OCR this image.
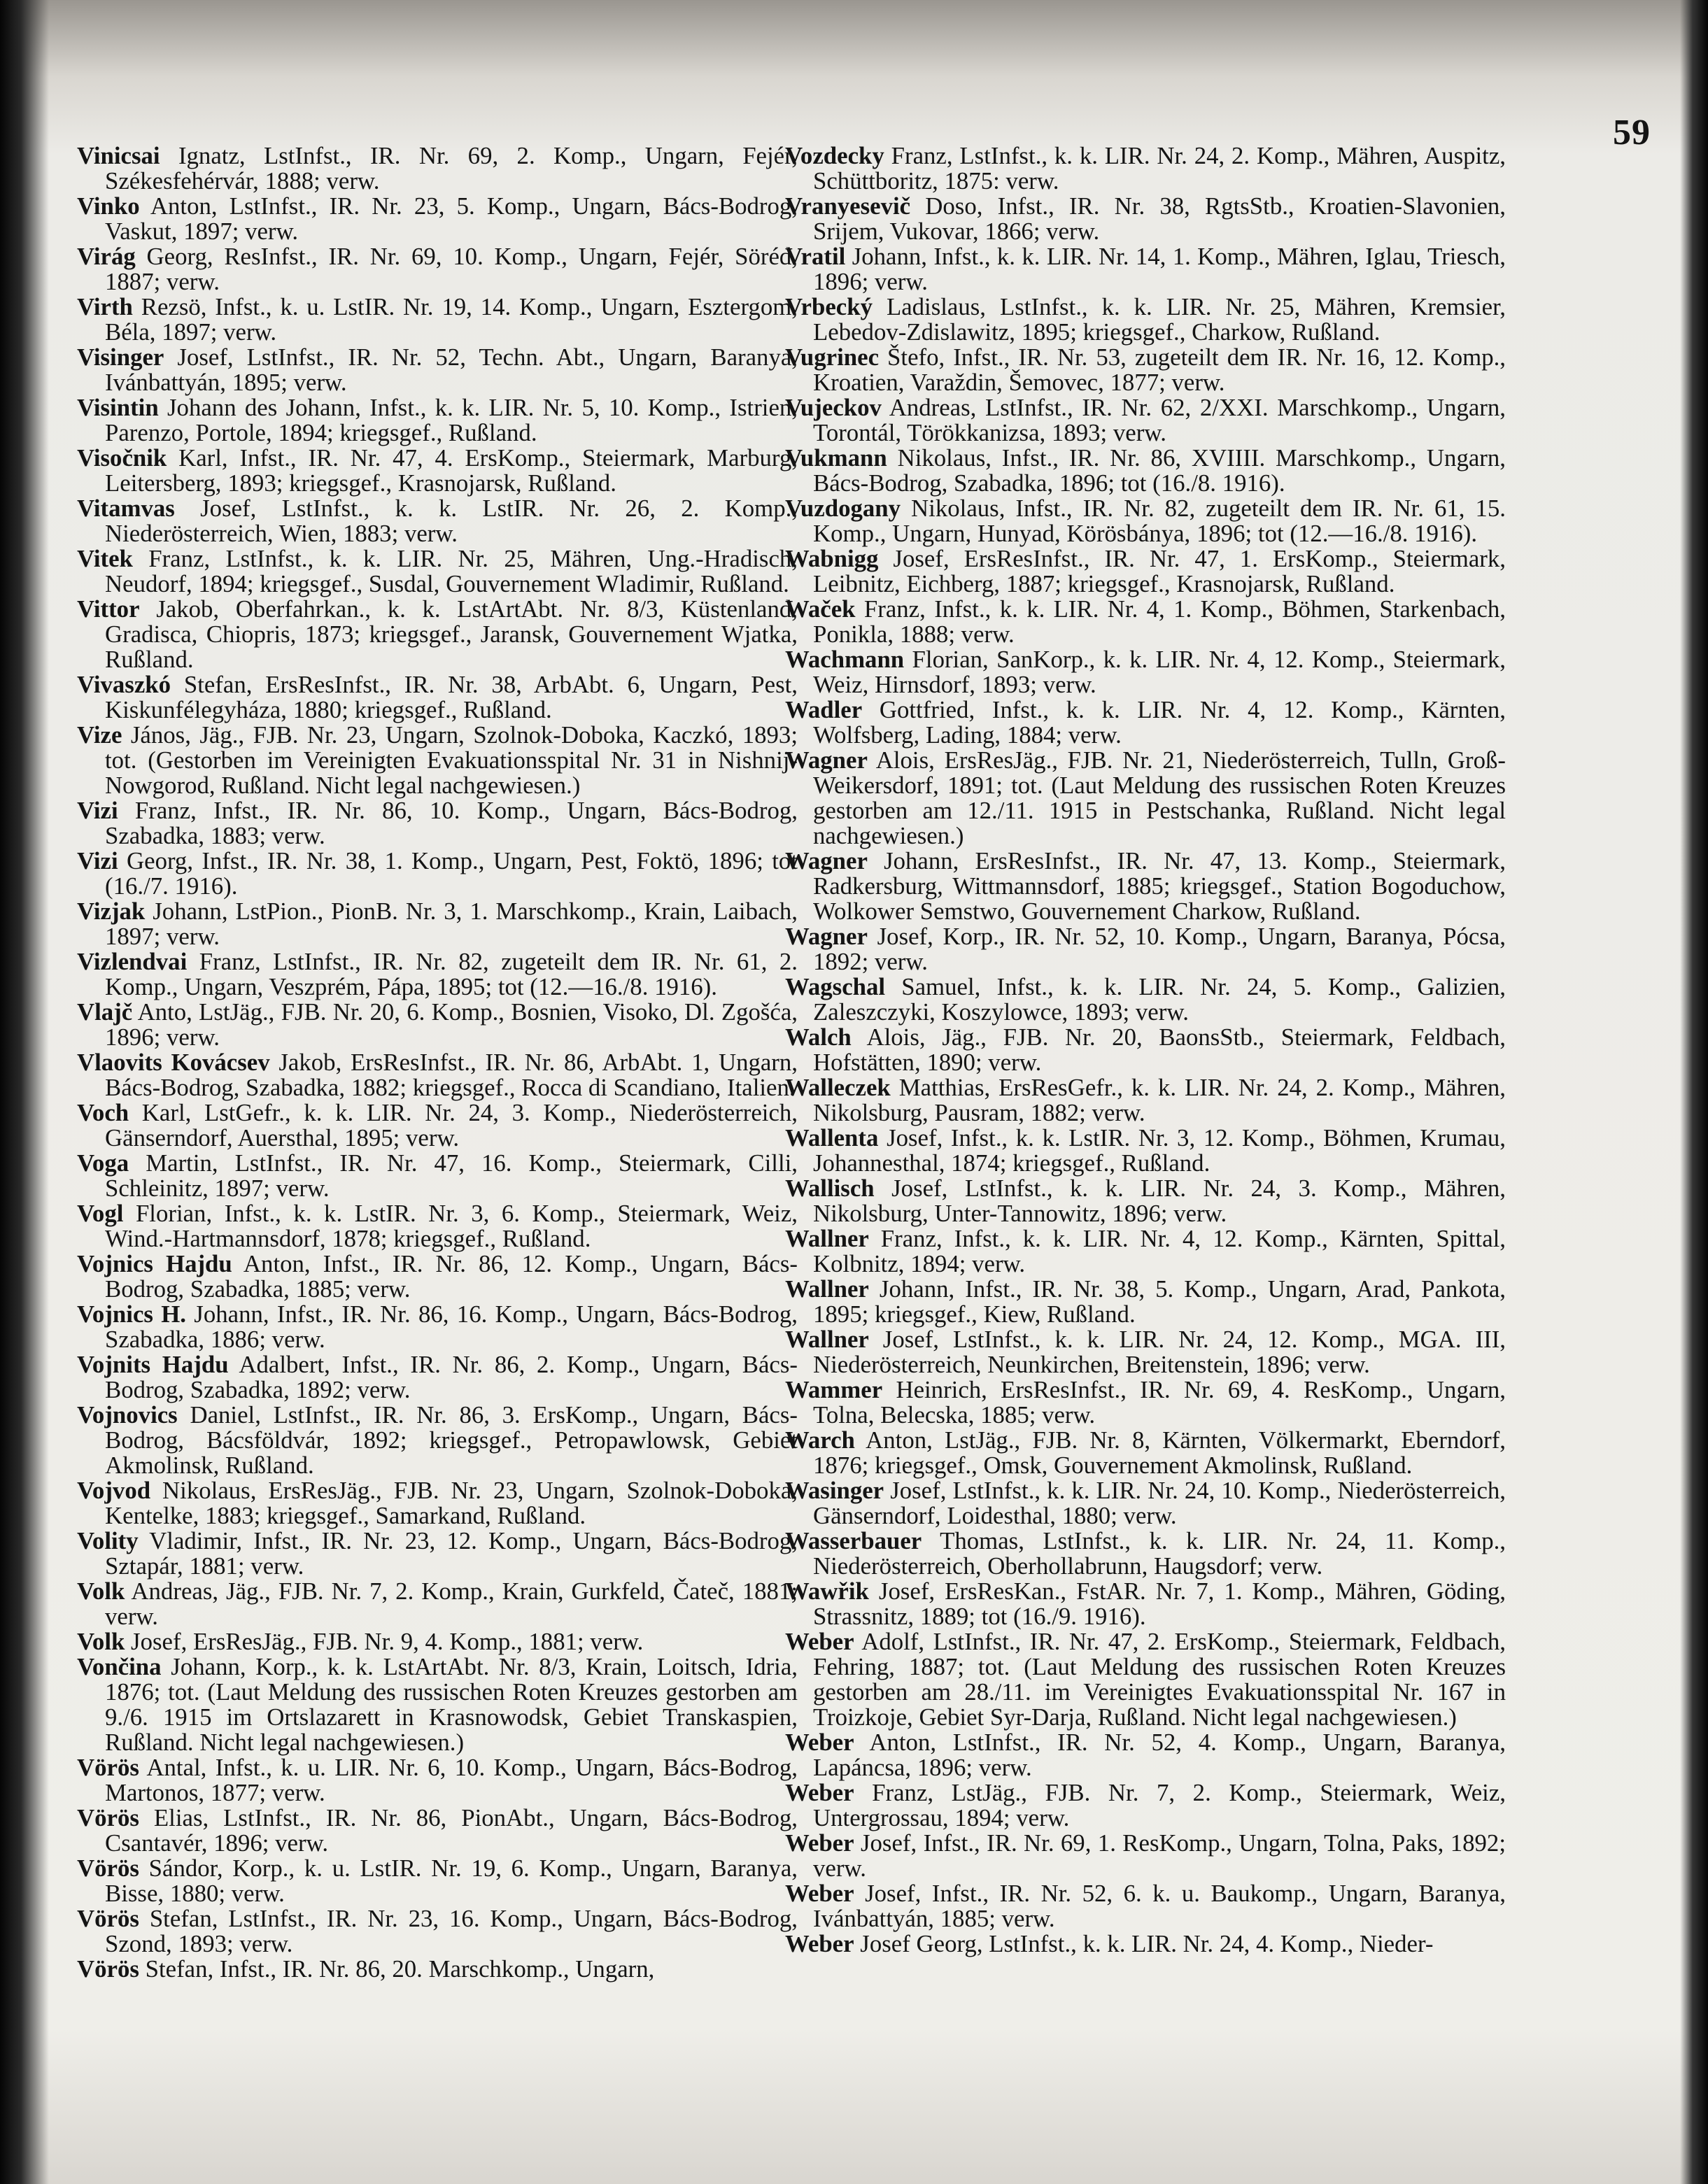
59

Vinicsai Ignatz, LstInfst., IR. Nr. 69, 2. Komp., Ungarn, Fejér, Székesfehérvár, 1888; verw.

Vinko Anton, LstInfst., IR. Nr. 23, 5. Komp., Ungarn, Bács-Bodrog, Vaskut, 1897; verw.

Virág Georg, ResInfst., IR. Nr. 69, 10. Komp., Ungarn, Fejér, Söréd, 1887; verw.

Virth Rezsö, Infst., k. u. LstIR. Nr. 19, 14. Komp., Ungarn, Esztergom, Béla, 1897; verw.

Visinger Josef, LstInfst., IR. Nr. 52, Techn. Abt., Ungarn, Baranya, Ivánbattyán, 1895; verw.

Visintin Johann des Johann, Infst., k. k. LIR. Nr. 5, 10. Komp., Istrien, Parenzo, Portole, 1894; kriegsgef., Rußland.

Visočnik Karl, Infst., IR. Nr. 47, 4. ErsKomp., Steiermark, Marburg, Leitersberg, 1893; kriegsgef., Krasnojarsk, Rußland.

Vitamvas Josef, LstInfst., k. k. LstIR. Nr. 26, 2. Komp., Niederösterreich, Wien, 1883; verw.

Vitek Franz, LstInfst., k. k. LIR. Nr. 25, Mähren, Ung.-Hradisch, Neudorf, 1894; kriegsgef., Susdal, Gouvernement Wladimir, Rußland.

Vittor Jakob, Oberfahrkan., k. k. LstArtAbt. Nr. 8/3, Küstenland, Gradisca, Chiopris, 1873; kriegsgef., Jaransk, Gouvernement Wjatka, Rußland.

Vivaszkó Stefan, ErsResInfst., IR. Nr. 38, ArbAbt. 6, Ungarn, Pest, Kiskunfélegyháza, 1880; kriegsgef., Rußland.

Vize János, Jäg., FJB. Nr. 23, Ungarn, Szolnok-Doboka, Kaczkó, 1893; tot. (Gestorben im Vereinigten Evakuationsspital Nr. 31 in Nishnij-Nowgorod, Rußland. Nicht legal nachgewiesen.)

Vizi Franz, Infst., IR. Nr. 86, 10. Komp., Ungarn, Bács-Bodrog, Szabadka, 1883; verw.

Vizi Georg, Infst., IR. Nr. 38, 1. Komp., Ungarn, Pest, Foktö, 1896; tot (16./7. 1916).

Vizjak Johann, LstPion., PionB. Nr. 3, 1. Marschkomp., Krain, Laibach, 1897; verw.

Vizlendvai Franz, LstInfst., IR. Nr. 82, zugeteilt dem IR. Nr. 61, 2. Komp., Ungarn, Veszprém, Pápa, 1895; tot (12.—16./8. 1916).

Vlajč Anto, LstJäg., FJB. Nr. 20, 6. Komp., Bosnien, Visoko, Dl. Zgošća, 1896; verw.

Vlaovits Kovácsev Jakob, ErsResInfst., IR. Nr. 86, ArbAbt. 1, Ungarn, Bács-Bodrog, Szabadka, 1882; kriegsgef., Rocca di Scandiano, Italien.

Voch Karl, LstGefr., k. k. LIR. Nr. 24, 3. Komp., Niederösterreich, Gänserndorf, Auersthal, 1895; verw.

Voga Martin, LstInfst., IR. Nr. 47, 16. Komp., Steiermark, Cilli, Schleinitz, 1897; verw.

Vogl Florian, Infst., k. k. LstIR. Nr. 3, 6. Komp., Steiermark, Weiz, Wind.-Hartmannsdorf, 1878; kriegsgef., Rußland.

Vojnics Hajdu Anton, Infst., IR. Nr. 86, 12. Komp., Ungarn, Bács-Bodrog, Szabadka, 1885; verw.

Vojnics H. Johann, Infst., IR. Nr. 86, 16. Komp., Ungarn, Bács-Bodrog, Szabadka, 1886; verw.

Vojnits Hajdu Adalbert, Infst., IR. Nr. 86, 2. Komp., Ungarn, Bács-Bodrog, Szabadka, 1892; verw.

Vojnovics Daniel, LstInfst., IR. Nr. 86, 3. ErsKomp., Ungarn, Bács-Bodrog, Bácsföldvár, 1892; kriegsgef., Petropawlowsk, Gebiet Akmolinsk, Rußland.

Vojvod Nikolaus, ErsResJäg., FJB. Nr. 23, Ungarn, Szolnok-Doboka, Kentelke, 1883; kriegsgef., Samarkand, Rußland.

Volity Vladimir, Infst., IR. Nr. 23, 12. Komp., Ungarn, Bács-Bodrog, Sztapár, 1881; verw.

Volk Andreas, Jäg., FJB. Nr. 7, 2. Komp., Krain, Gurkfeld, Čateč, 1881; verw.

Volk Josef, ErsResJäg., FJB. Nr. 9, 4. Komp., 1881; verw.

Vončina Johann, Korp., k. k. LstArtAbt. Nr. 8/3, Krain, Loitsch, Idria, 1876; tot. (Laut Meldung des russischen Roten Kreuzes gestorben am 9./6. 1915 im Ortslazarett in Krasnowodsk, Gebiet Transkaspien, Rußland. Nicht legal nachgewiesen.)

Vörös Antal, Infst., k. u. LIR. Nr. 6, 10. Komp., Ungarn, Bács-Bodrog, Martonos, 1877; verw.

Vörös Elias, LstInfst., IR. Nr. 86, PionAbt., Ungarn, Bács-Bodrog, Csantavér, 1896; verw.

Vörös Sándor, Korp., k. u. LstIR. Nr. 19, 6. Komp., Ungarn, Baranya, Bisse, 1880; verw.

Vörös Stefan, LstInfst., IR. Nr. 23, 16. Komp., Ungarn, Bács-Bodrog, Szond, 1893; verw.

Vörös Stefan, Infst., IR. Nr. 86, 20. Marschkomp., Ungarn,

Vozdecky Franz, LstInfst., k. k. LIR. Nr. 24, 2. Komp., Mähren, Auspitz, Schüttboritz, 1875: verw.

Vranyesevič Doso, Infst., IR. Nr. 38, RgtsStb., Kroatien-Slavonien, Srijem, Vukovar, 1866; verw.

Vratil Johann, Infst., k. k. LIR. Nr. 14, 1. Komp., Mähren, Iglau, Triesch, 1896; verw.

Vrbecký Ladislaus, LstInfst., k. k. LIR. Nr. 25, Mähren, Kremsier, Lebedov-Zdislawitz, 1895; kriegsgef., Charkow, Rußland.

Vugrinec Štefo, Infst., IR. Nr. 53, zugeteilt dem IR. Nr. 16, 12. Komp., Kroatien, Varaždin, Šemovec, 1877; verw.

Vujeckov Andreas, LstInfst., IR. Nr. 62, 2/XXI. Marschkomp., Ungarn, Torontál, Törökkanizsa, 1893; verw.

Vukmann Nikolaus, Infst., IR. Nr. 86, XVIIII. Marschkomp., Ungarn, Bács-Bodrog, Szabadka, 1896; tot (16./8. 1916).

Vuzdogany Nikolaus, Infst., IR. Nr. 82, zugeteilt dem IR. Nr. 61, 15. Komp., Ungarn, Hunyad, Körösbánya, 1896; tot (12.—16./8. 1916).

Wabnigg Josef, ErsResInfst., IR. Nr. 47, 1. ErsKomp., Steiermark, Leibnitz, Eichberg, 1887; kriegsgef., Krasnojarsk, Rußland.

Waček Franz, Infst., k. k. LIR. Nr. 4, 1. Komp., Böhmen, Starkenbach, Ponikla, 1888; verw.

Wachmann Florian, SanKorp., k. k. LIR. Nr. 4, 12. Komp., Steiermark, Weiz, Hirnsdorf, 1893; verw.

Wadler Gottfried, Infst., k. k. LIR. Nr. 4, 12. Komp., Kärnten, Wolfsberg, Lading, 1884; verw.

Wagner Alois, ErsResJäg., FJB. Nr. 21, Niederösterreich, Tulln, Groß-Weikersdorf, 1891; tot. (Laut Meldung des russischen Roten Kreuzes gestorben am 12./11. 1915 in Pestschanka, Rußland. Nicht legal nachgewiesen.)

Wagner Johann, ErsResInfst., IR. Nr. 47, 13. Komp., Steiermark, Radkersburg, Wittmannsdorf, 1885; kriegsgef., Station Bogoduchow, Wolkower Semstwo, Gouvernement Charkow, Rußland.

Wagner Josef, Korp., IR. Nr. 52, 10. Komp., Ungarn, Baranya, Pócsa, 1892; verw.

Wagschal Samuel, Infst., k. k. LIR. Nr. 24, 5. Komp., Galizien, Zaleszczyki, Koszylowce, 1893; verw.

Walch Alois, Jäg., FJB. Nr. 20, BaonsStb., Steiermark, Feldbach, Hofstätten, 1890; verw.

Walleczek Matthias, ErsResGefr., k. k. LIR. Nr. 24, 2. Komp., Mähren, Nikolsburg, Pausram, 1882; verw.

Wallenta Josef, Infst., k. k. LstIR. Nr. 3, 12. Komp., Böhmen, Krumau, Johannesthal, 1874; kriegsgef., Rußland.

Wallisch Josef, LstInfst., k. k. LIR. Nr. 24, 3. Komp., Mähren, Nikolsburg, Unter-Tannowitz, 1896; verw.

Wallner Franz, Infst., k. k. LIR. Nr. 4, 12. Komp., Kärnten, Spittal, Kolbnitz, 1894; verw.

Wallner Johann, Infst., IR. Nr. 38, 5. Komp., Ungarn, Arad, Pankota, 1895; kriegsgef., Kiew, Rußland.

Wallner Josef, LstInfst., k. k. LIR. Nr. 24, 12. Komp., MGA. III, Niederösterreich, Neunkirchen, Breitenstein, 1896; verw.

Wammer Heinrich, ErsResInfst., IR. Nr. 69, 4. ResKomp., Ungarn, Tolna, Belecska, 1885; verw.

Warch Anton, LstJäg., FJB. Nr. 8, Kärnten, Völkermarkt, Eberndorf, 1876; kriegsgef., Omsk, Gouvernement Akmolinsk, Rußland.

Wasinger Josef, LstInfst., k. k. LIR. Nr. 24, 10. Komp., Niederösterreich, Gänserndorf, Loidesthal, 1880; verw.

Wasserbauer Thomas, LstInfst., k. k. LIR. Nr. 24, 11. Komp., Niederösterreich, Oberhollabrunn, Haugsdorf; verw.

Wawřik Josef, ErsResKan., FstAR. Nr. 7, 1. Komp., Mähren, Göding, Strassnitz, 1889; tot (16./9. 1916).

Weber Adolf, LstInfst., IR. Nr. 47, 2. ErsKomp., Steiermark, Feldbach, Fehring, 1887; tot. (Laut Meldung des russischen Roten Kreuzes gestorben am 28./11. im Vereinigtes Evakuationsspital Nr. 167 in Troizkoje, Gebiet Syr-Darja, Rußland. Nicht legal nachgewiesen.)

Weber Anton, LstInfst., IR. Nr. 52, 4. Komp., Ungarn, Baranya, Lapáncsa, 1896; verw.

Weber Franz, LstJäg., FJB. Nr. 7, 2. Komp., Steiermark, Weiz, Untergrossau, 1894; verw.

Weber Josef, Infst., IR. Nr. 69, 1. ResKomp., Ungarn, Tolna, Paks, 1892; verw.

Weber Josef, Infst., IR. Nr. 52, 6. k. u. Baukomp., Ungarn, Baranya, Ivánbattyán, 1885; verw.

Weber Josef Georg, LstInfst., k. k. LIR. Nr. 24, 4. Komp., Nieder-
